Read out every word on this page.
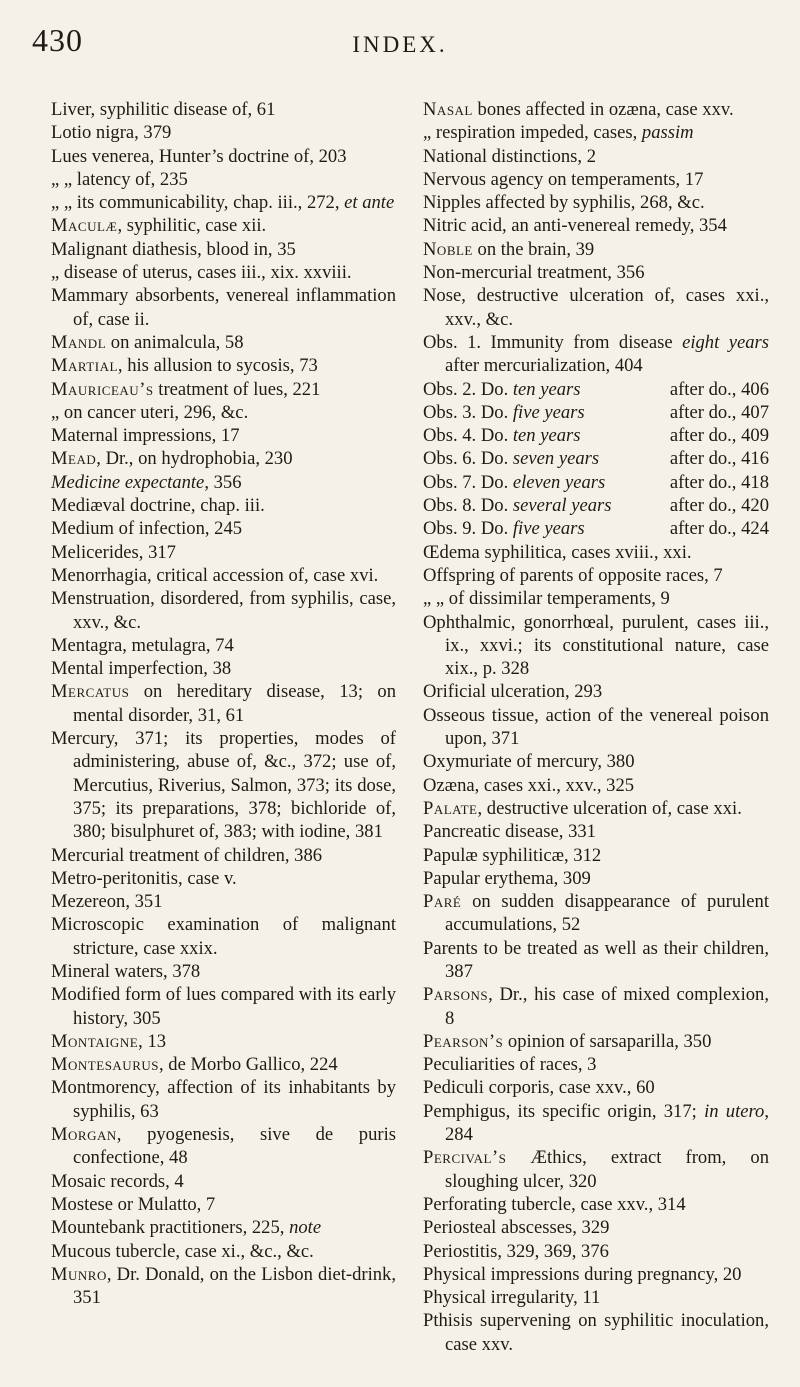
430	INDEX.
Liver, syphilitic disease of, 61
Lotio nigra, 379
Lues venerea, Hunter’s doctrine of, 203
„ „ latency of, 235
„ „ its communicability, chap. iii., 272, et ante
Maculæ, syphilitic, case xii.
Malignant diathesis, blood in, 35
„ disease of uterus, cases iii., xix. xxviii.
Mammary absorbents, venereal inflammation of, case ii.
Mandl on animalcula, 58
Martial, his allusion to sycosis, 73
Mauriceau’s treatment of lues, 221
„ on cancer uteri, 296, &c.
Maternal impressions, 17
Mead, Dr., on hydrophobia, 230
Medicine expectante, 356
Mediæval doctrine, chap. iii.
Medium of infection, 245
Melicerides, 317
Menorrhagia, critical accession of, case xvi.
Menstruation, disordered, from syphilis, case, xxv., &c.
Mentagra, metulagra, 74
Mental imperfection, 38
Mercatus on hereditary disease, 13; on mental disorder, 31, 61
Mercury, 371; its properties, modes of administering, abuse of, &c., 372; use of, Mercutius, Riverius, Salmon, 373; its dose, 375; its preparations, 378; bichloride of, 380; bisulphuret of, 383; with iodine, 381
Mercurial treatment of children, 386
Metro-peritonitis, case v.
Mezereon, 351
Microscopic examination of malignant stricture, case xxix.
Mineral waters, 378
Modified form of lues compared with its early history, 305
Montaigne, 13
Montesaurus, de Morbo Gallico, 224
Montmorency, affection of its inhabitants by syphilis, 63
Morgan, pyogenesis, sive de puris confectione, 48
Mosaic records, 4
Mostese or Mulatto, 7
Mountebank practitioners, 225, note
Mucous tubercle, case xi., &c., &c.
Munro, Dr. Donald, on the Lisbon diet-drink, 351
Nasal bones affected in ozæna, case xxv.
„ respiration impeded, cases, passim
National distinctions, 2
Nervous agency on temperaments, 17
Nipples affected by syphilis, 268, &c.
Nitric acid, an anti-venereal remedy, 354
Noble on the brain, 39
Non-mercurial treatment, 356
Nose, destructive ulceration of, cases xxi., xxv., &c.
Obs. 1. Immunity from disease eight years after mercurialization, 404
after do., 406
Obs. 2. Do. ten years
after do., 407
Obs. 3. Do. five years
after do., 409
Obs. 4. Do. ten years
after do., 416
Obs. 6. Do. seven years
after do., 418
Obs. 7. Do. eleven years
after do., 420
Obs. 8. Do. several years
after do., 424
Obs. 9. Do. five years
Œdema syphilitica, cases xviii., xxi.
Offspring of parents of opposite races, 7
„ „ of dissimilar temperaments, 9
Ophthalmic, gonorrhœal, purulent, cases iii., ix., xxvi.; its constitutional nature, case xix., p. 328
Orificial ulceration, 293
Osseous tissue, action of the venereal poison upon, 371
Oxymuriate of mercury, 380
Ozæna, cases xxi., xxv., 325
Palate, destructive ulceration of, case xxi.
Pancreatic disease, 331
Papulæ syphiliticæ, 312
Papular erythema, 309
Paré on sudden disappearance of purulent accumulations, 52
Parents to be treated as well as their children, 387
Parsons, Dr., his case of mixed complexion, 8
Pearson’s opinion of sarsaparilla, 350
Peculiarities of races, 3
Pediculi corporis, case xxv., 60
Pemphigus, its specific origin, 317; in utero, 284
Percival’s Æthics, extract from, on sloughing ulcer, 320
Perforating tubercle, case xxv., 314
Periosteal abscesses, 329
Periostitis, 329, 369, 376
Physical impressions during pregnancy, 20
Physical irregularity, 11
Pthisis supervening on syphilitic inoculation, case xxv.
